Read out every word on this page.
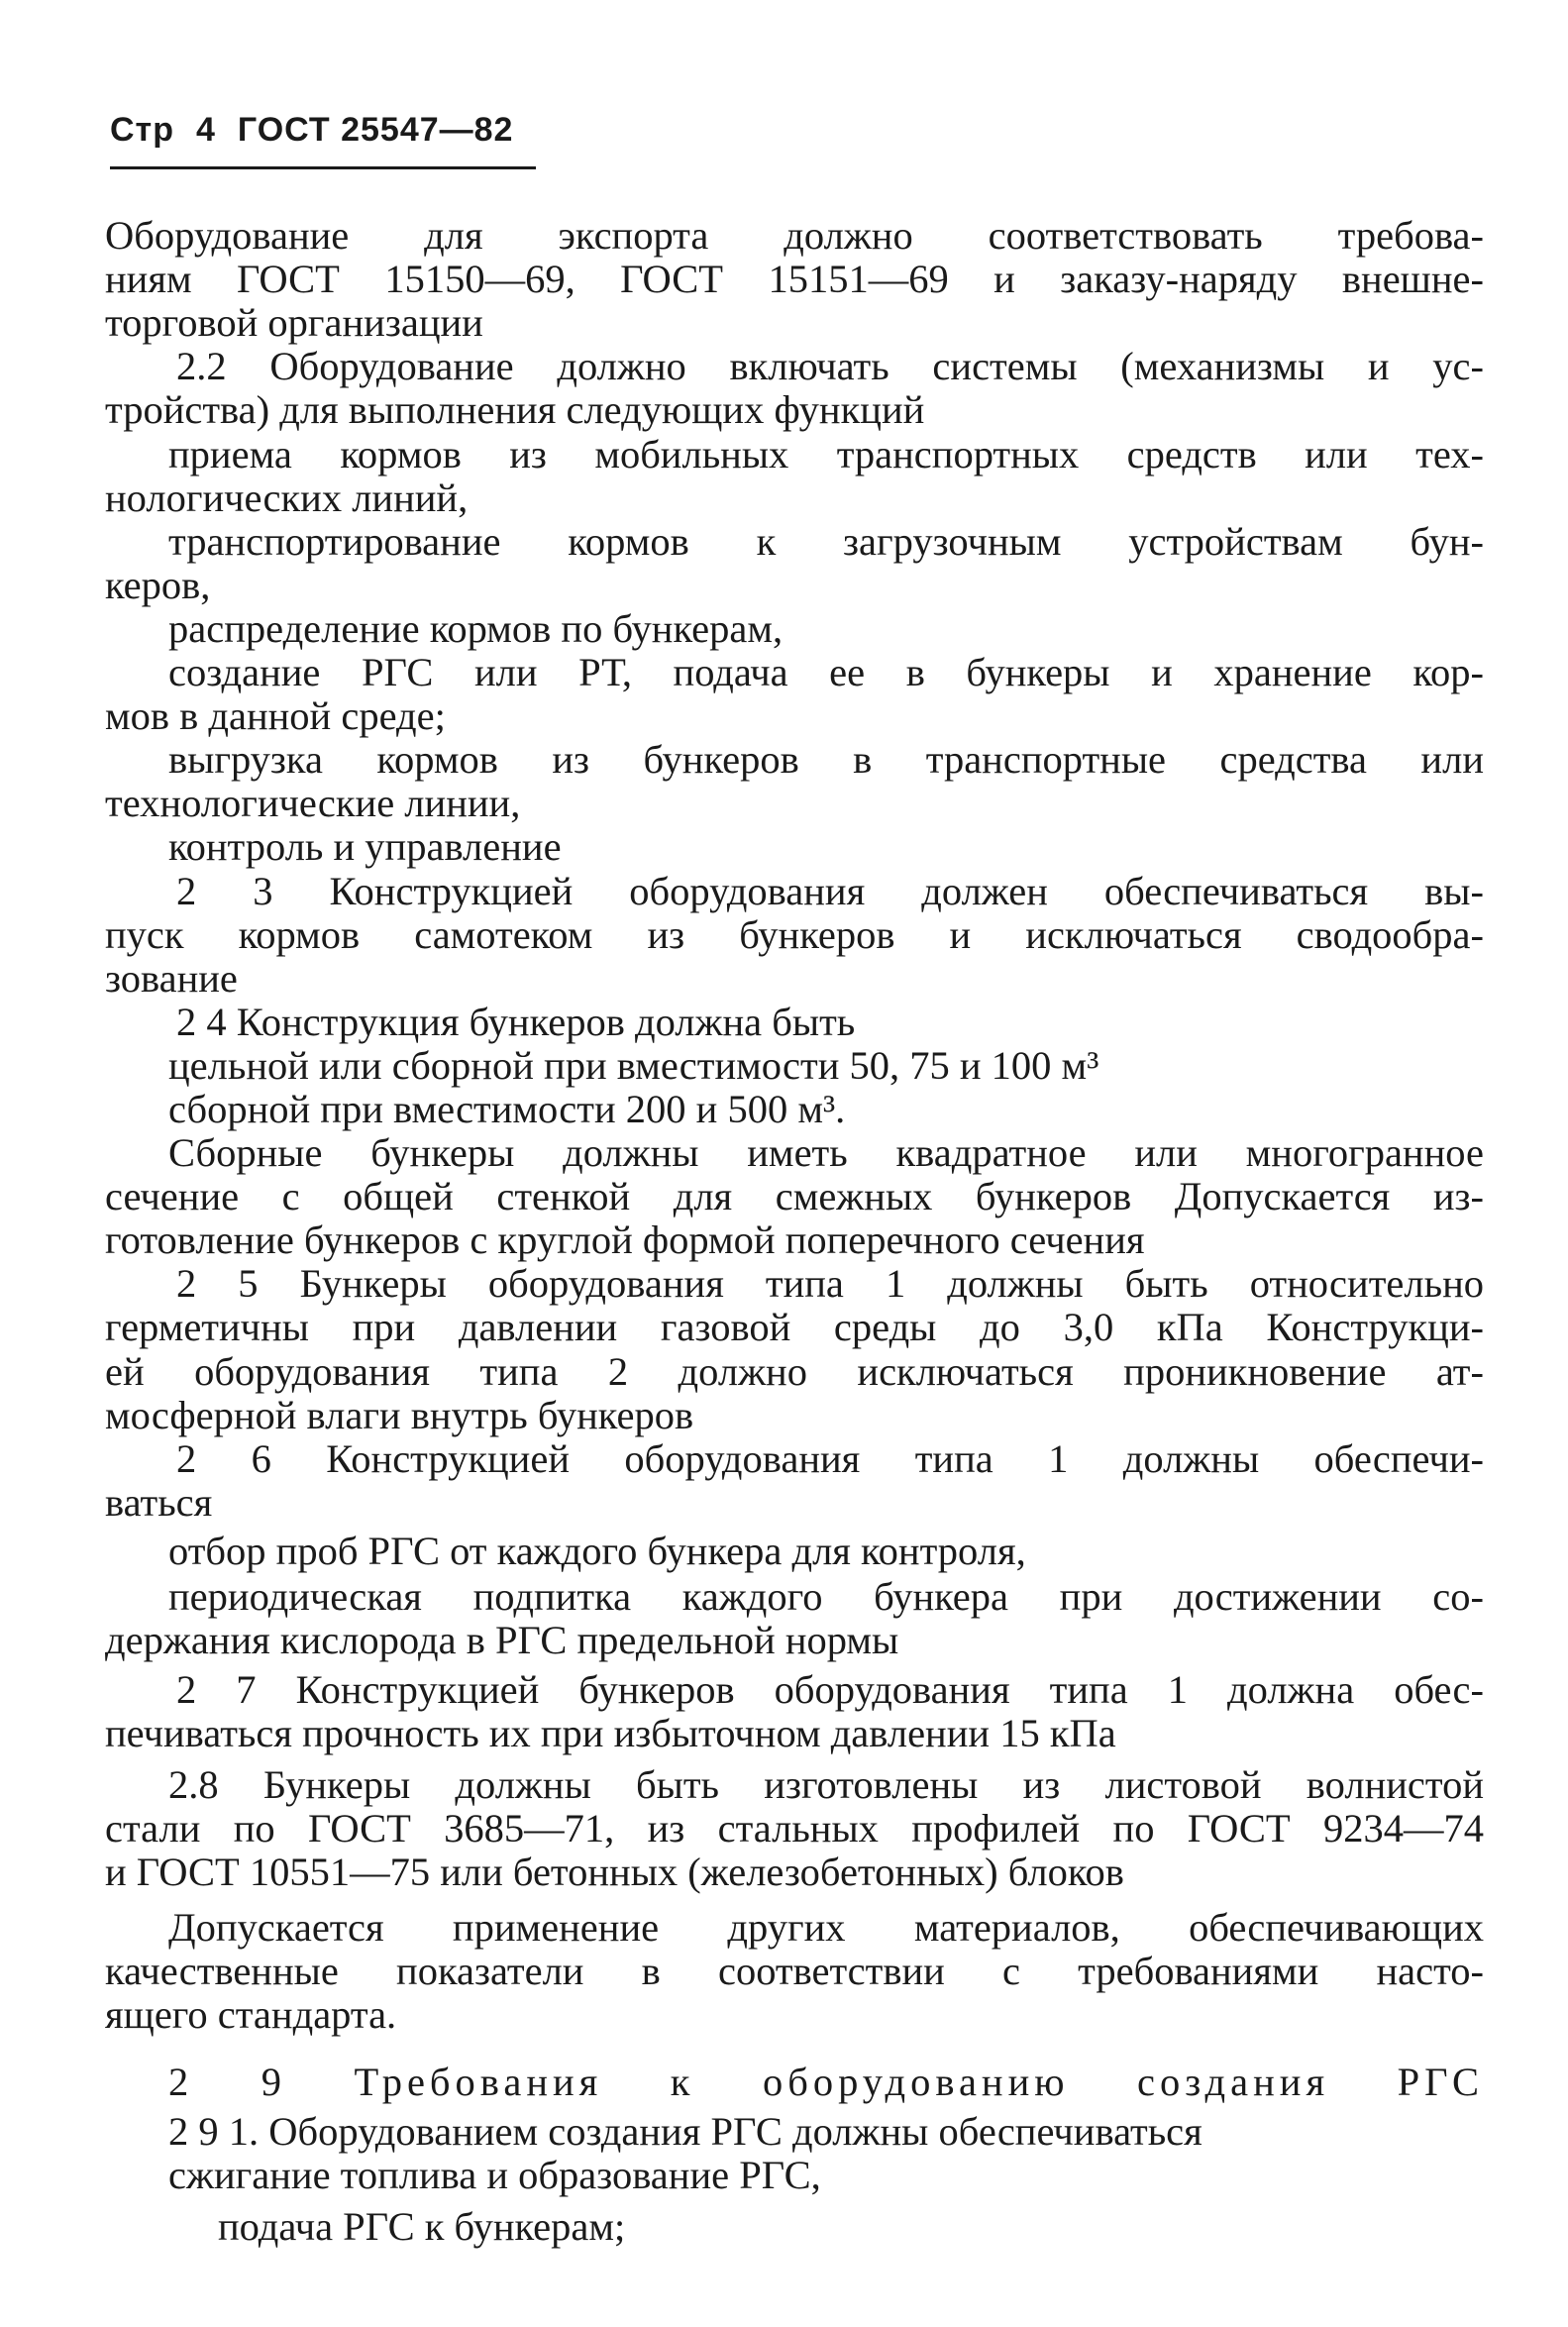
Стр 4 ГОСТ 25547—82
Оборудование для экспорта должно соответствовать требова-
ниям ГОСТ 15150—69, ГОСТ 15151—69 и заказу-наряду внешне-
торговой организации
2.2 Оборудование должно включать системы (механизмы и ус-
тройства) для выполнения следующих функций
приема кормов из мобильных транспортных средств или тех-
нологических линий,
транспортирование кормов к загрузочным устройствам бун-
керов,
распределение кормов по бункерам,
создание РГС или РТ, подача ее в бункеры и хранение кор-
мов в данной среде;
выгрузка кормов из бункеров в транспортные средства или
технологические линии,
контроль и управление
2 3 Конструкцией оборудования должен обеспечиваться вы-
пуск кормов самотеком из бункеров и исключаться сводообра-
зование
2 4 Конструкция бункеров должна быть
цельной или сборной при вместимости 50, 75 и 100 м³
сборной при вместимости 200 и 500 м³.
Сборные бункеры должны иметь квадратное или многогранное
сечение с общей стенкой для смежных бункеров Допускается из-
готовление бункеров с круглой формой поперечного сечения
2 5 Бункеры оборудования типа 1 должны быть относительно
герметичны при давлении газовой среды до 3,0 кПа Конструкци-
ей оборудования типа 2 должно исключаться проникновение ат-
мосферной влаги внутрь бункеров
2 6 Конструкцией оборудования типа 1 должны обеспечи-
ваться
отбор проб РГС от каждого бункера для контроля,
периодическая подпитка каждого бункера при достижении со-
держания кислорода в РГС предельной нормы
2 7 Конструкцией бункеров оборудования типа 1 должна обес-
печиваться прочность их при избыточном давлении 15 кПа
2.8 Бункеры должны быть изготовлены из листовой волнистой
стали по ГОСТ 3685—71, из стальных профилей по ГОСТ 9234—74
и ГОСТ 10551—75 или бетонных (железобетонных) блоков
Допускается применение других материалов, обеспечивающих
качественные показатели в соответствии с требованиями насто-
ящего стандарта.
2 9 Требования к оборудованию создания РГС
2 9 1. Оборудованием создания РГС должны обеспечиваться
сжигание топлива и образование РГС,
подача РГС к бункерам;
